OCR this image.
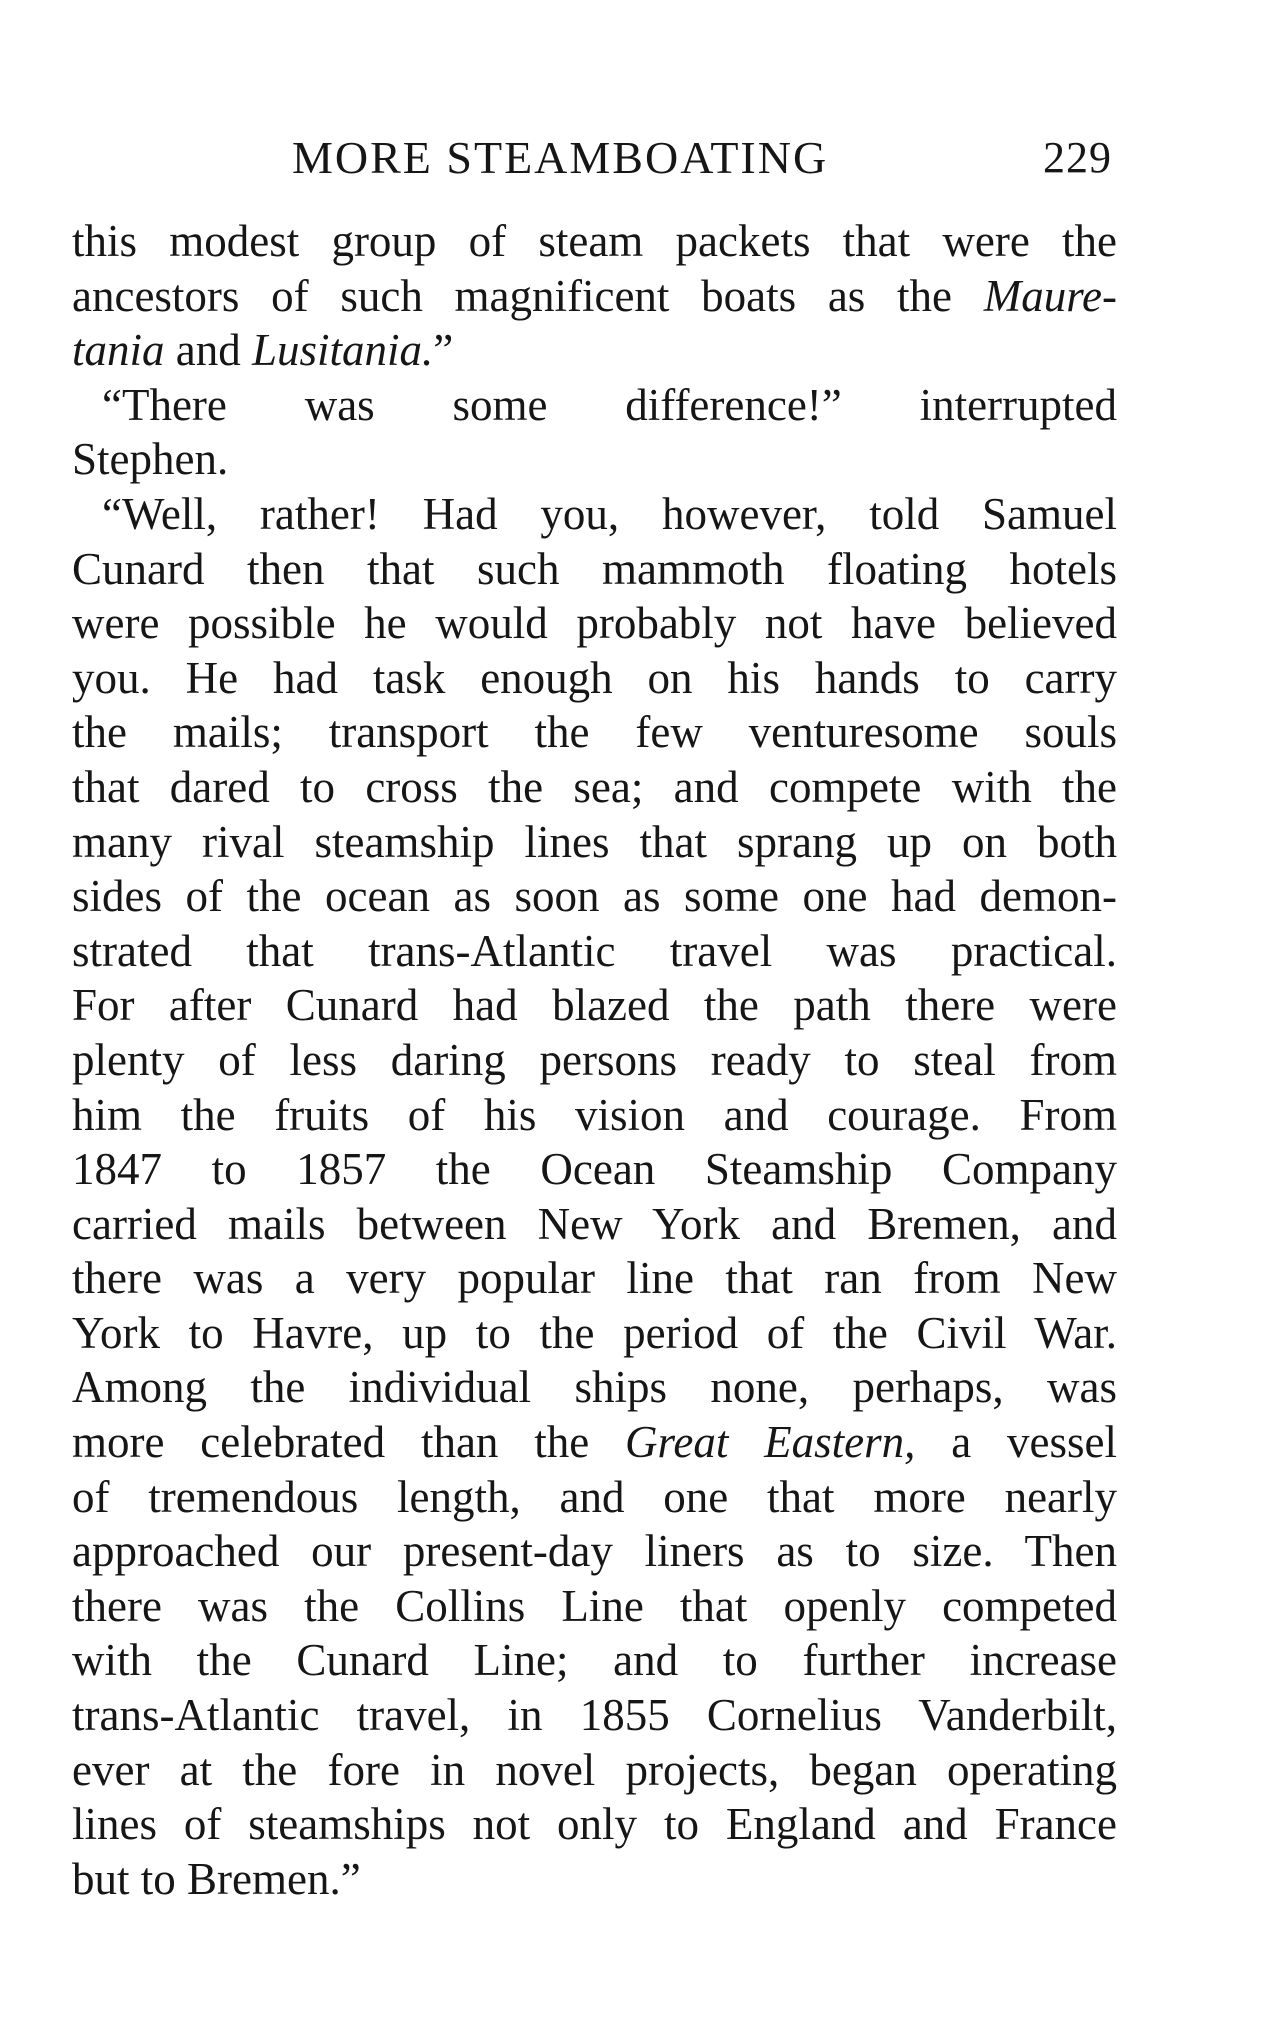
MORE STEAMBOATING	229
this modest group of steam packets that were the
ancestors of such magnificent boats as the Maure-
tania and Lusitania.”
“There was some difference!” interrupted
Stephen.
“Well, rather! Had you, however, told Samuel
Cunard then that such mammoth floating hotels
were possible he would probably not have believed
you. He had task enough on his hands to carry
the mails; transport the few venturesome souls
that dared to cross the sea; and compete with the
many rival steamship lines that sprang up on both
sides of the ocean as soon as some one had demon-
strated that trans-Atlantic travel was practical.
For after Cunard had blazed the path there were
plenty of less daring persons ready to steal from
him the fruits of his vision and courage. From
1847 to 1857 the Ocean Steamship Company
carried mails between New York and Bremen, and
there was a very popular line that ran from New
York to Havre, up to the period of the Civil War.
Among the individual ships none, perhaps, was
more celebrated than the Great Eastern, a vessel
of tremendous length, and one that more nearly
approached our present-day liners as to size. Then
there was the Collins Line that openly competed
with the Cunard Line; and to further increase
trans-Atlantic travel, in 1855 Cornelius Vanderbilt,
ever at the fore in novel projects, began operating
lines of steamships not only to England and France
but to Bremen.”
